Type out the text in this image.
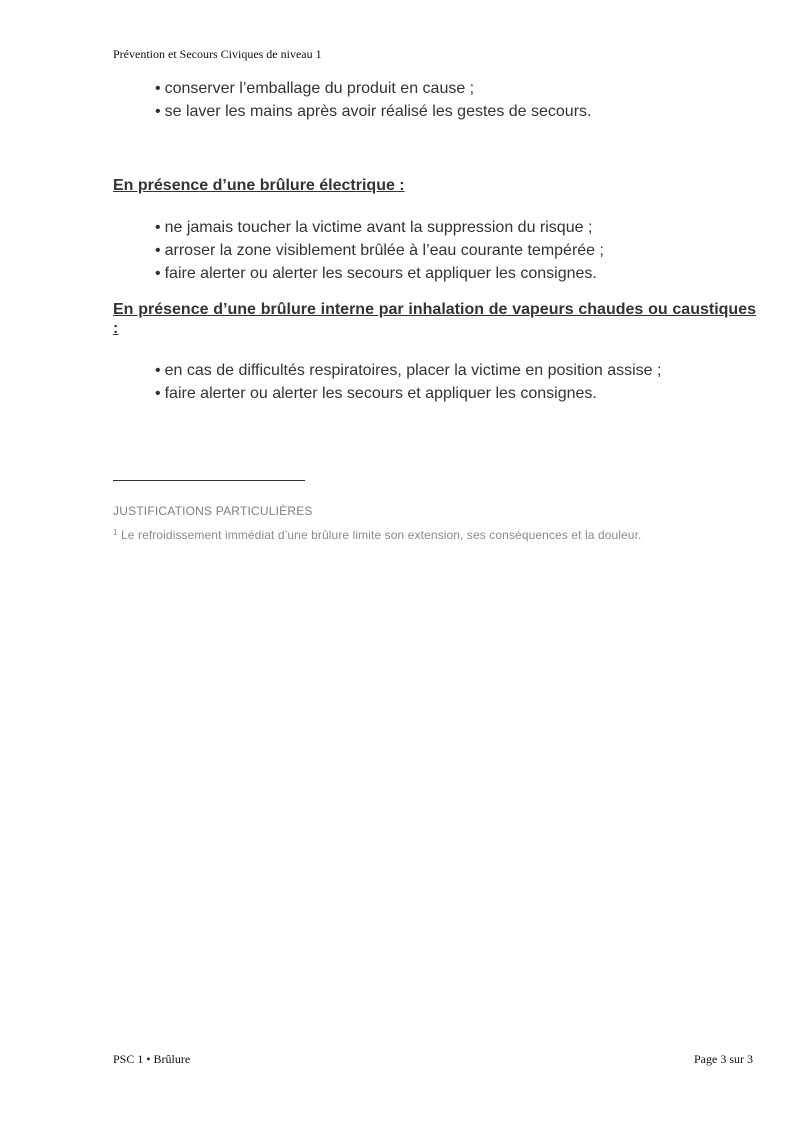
Prévention et Secours Civiques de niveau 1
• conserver l’emballage du produit en cause ;
• se laver les mains après avoir réalisé les gestes de secours.
En présence d’une brûlure électrique :
• ne jamais toucher la victime avant la suppression du risque ;
• arroser la zone visiblement brûlée à l’eau courante tempérée ;
• faire alerter ou alerter les secours et appliquer les consignes.
En présence d’une brûlure interne par inhalation de vapeurs chaudes ou caustiques :
• en cas de difficultés respiratoires, placer la victime en position assise ;
• faire alerter ou alerter les secours et appliquer les consignes.
JUSTIFICATIONS PARTICULIÈRES
$^1$ Le refroidissement immédiat d’une brûlure limite son extension, ses conséquences et la douleur.
PSC 1 • Brûlure	Page 3 sur 3
